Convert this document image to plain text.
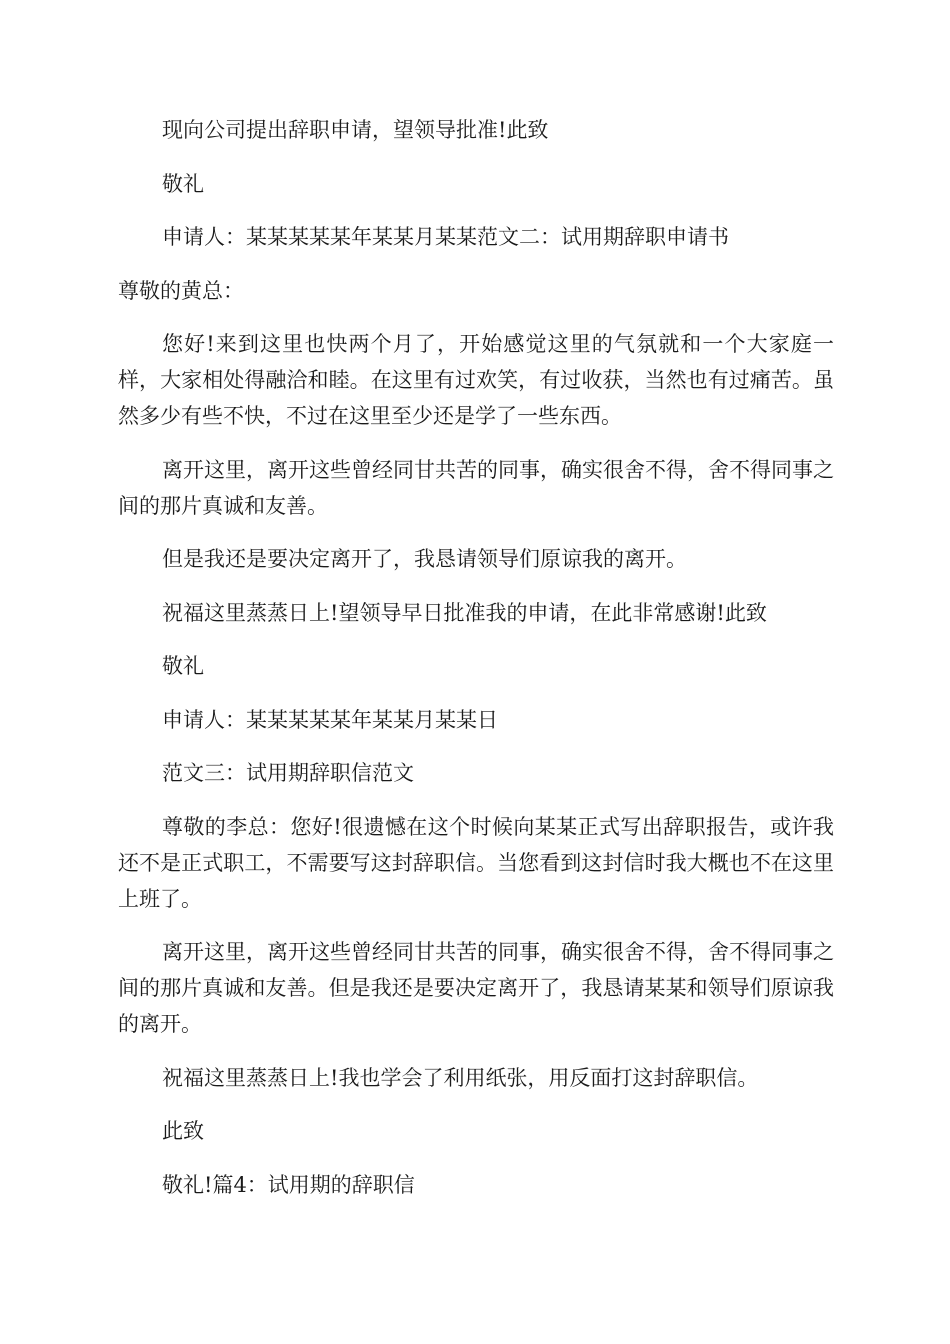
现向公司提出辞职申请，望领导批准!此致

敬礼

申请人：某某某某某年某某月某某范文二：试用期辞职申请书

尊敬的黄总：

您好!来到这里也快两个月了，开始感觉这里的气氛就和一个大家庭一样，大家相处得融洽和睦。在这里有过欢笑，有过收获，当然也有过痛苦。虽然多少有些不快，不过在这里至少还是学了一些东西。

离开这里，离开这些曾经同甘共苦的同事，确实很舍不得，舍不得同事之间的那片真诚和友善。

但是我还是要决定离开了，我恳请领导们原谅我的离开。

祝福这里蒸蒸日上!望领导早日批准我的申请，在此非常感谢!此致

敬礼

申请人：某某某某某年某某月某某日

范文三：试用期辞职信范文

尊敬的李总：您好!很遗憾在这个时候向某某正式写出辞职报告，或许我还不是正式职工，不需要写这封辞职信。当您看到这封信时我大概也不在这里上班了。

离开这里，离开这些曾经同甘共苦的同事，确实很舍不得，舍不得同事之间的那片真诚和友善。但是我还是要决定离开了，我恳请某某和领导们原谅我的离开。

祝福这里蒸蒸日上!我也学会了利用纸张，用反面打这封辞职信。

此致

敬礼!篇4：试用期的辞职信
